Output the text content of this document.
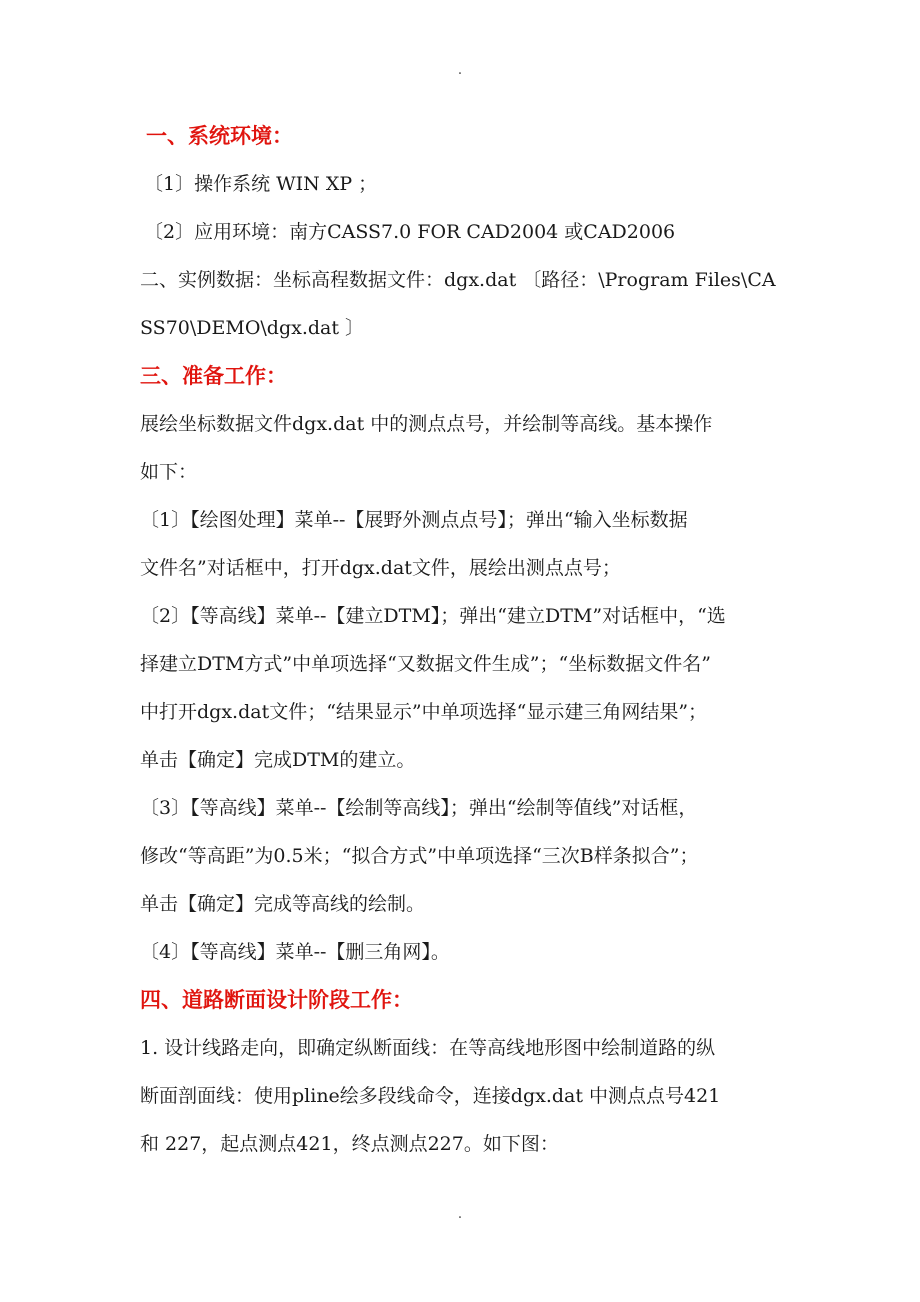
.
一、系统环境：
〔1〕操作系统 WIN XP ；
〔2〕应用环境：南方CASS7.0 FOR CAD2004 或CAD2006
二、实例数据：坐标高程数据文件：dgx.dat 〔路径：\Program Files\CA
SS70\DEMO\dgx.dat 〕
三、准备工作：
展绘坐标数据文件dgx.dat 中的测点点号，并绘制等高线。基本操作
如下：
〔1〕【绘图处理】菜单--【展野外测点点号】；弹出“输入坐标数据
文件名”对话框中，打开dgx.dat文件，展绘出测点点号；
〔2〕【等高线】菜单--【建立DTM】；弹出“建立DTM”对话框中，“选
择建立DTM方式”中单项选择“又数据文件生成”；“坐标数据文件名”
中打开dgx.dat文件；“结果显示”中单项选择“显示建三角网结果”；
单击【确定】完成DTM的建立。
〔3〕【等高线】菜单--【绘制等高线】；弹出“绘制等值线”对话框，
修改“等高距”为0.5米；“拟合方式”中单项选择“三次B样条拟合”；
单击【确定】完成等高线的绘制。
〔4〕【等高线】菜单--【删三角网】。
四、道路断面设计阶段工作：
1. 设计线路走向，即确定纵断面线：在等高线地形图中绘制道路的纵
断面剖面线：使用pline绘多段线命令，连接dgx.dat 中测点点号421
和 227，起点测点421，终点测点227。如下图：
.
